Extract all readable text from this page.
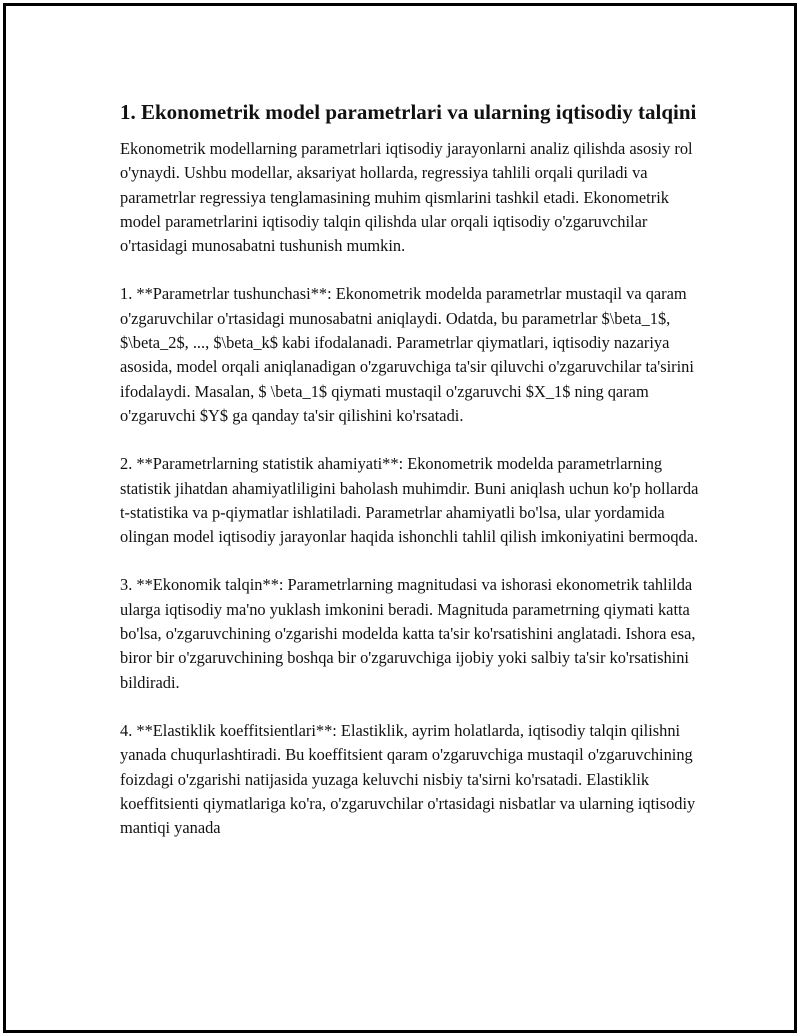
1. Ekonometrik model parametrlari va ularning iqtisodiy talqini

Ekonometrik modellarning parametrlari iqtisodiy jarayonlarni analiz qilishda asosiy rol o'ynaydi. Ushbu modellar, aksariyat hollarda, regressiya tahlili orqali quriladi va parametrlar regressiya tenglamasining muhim qismlarini tashkil etadi. Ekonometrik model parametrlarini iqtisodiy talqin qilishda ular orqali iqtisodiy o'zgaruvchilar o'rtasidagi munosabatni tushunish mumkin.

1. **Parametrlar tushunchasi**: Ekonometrik modelda parametrlar mustaqil va qaram o'zgaruvchilar o'rtasidagi munosabatni aniqlaydi. Odatda, bu parametrlar $\beta_1$, $\beta_2$, ..., $\beta_k$ kabi ifodalanadi. Parametrlar qiymatlari, iqtisodiy nazariya asosida, model orqali aniqlanadigan o'zgaruvchiga ta'sir qiluvchi o'zgaruvchilar ta'sirini ifodalaydi. Masalan, $ \beta_1$ qiymati mustaqil o'zgaruvchi $X_1$ ning qaram o'zgaruvchi $Y$ ga qanday ta'sir qilishini ko'rsatadi.

2. **Parametrlarning statistik ahamiyati**: Ekonometrik modelda parametrlarning statistik jihatdan ahamiyatliligini baholash muhimdir. Buni aniqlash uchun ko'p hollarda t-statistika va p-qiymatlar ishlatiladi. Parametrlar ahamiyatli bo'lsa, ular yordamida olingan model iqtisodiy jarayonlar haqida ishonchli tahlil qilish imkoniyatini bermoqda.

3. **Ekonomik talqin**: Parametrlarning magnitudasi va ishorasi ekonometrik tahlilda ularga iqtisodiy ma'no yuklash imkonini beradi. Magnituda parametrning qiymati katta bo'lsa, o'zgaruvchining o'zgarishi modelda katta ta'sir ko'rsatishini anglatadi. Ishora esa, biror bir o'zgaruvchining boshqa bir o'zgaruvchiga ijobiy yoki salbiy ta'sir ko'rsatishini bildiradi.

4. **Elastiklik koeffitsientlari**: Elastiklik, ayrim holatlarda, iqtisodiy talqin qilishni yanada chuqurlashtiradi. Bu koeffitsient qaram o'zgaruvchiga mustaqil o'zgaruvchining foizdagi o'zgarishi natijasida yuzaga keluvchi nisbiy ta'sirni ko'rsatadi. Elastiklik koeffitsienti qiymatlariga ko'ra, o'zgaruvchilar o'rtasidagi nisbatlar va ularning iqtisodiy mantiqi yanada
